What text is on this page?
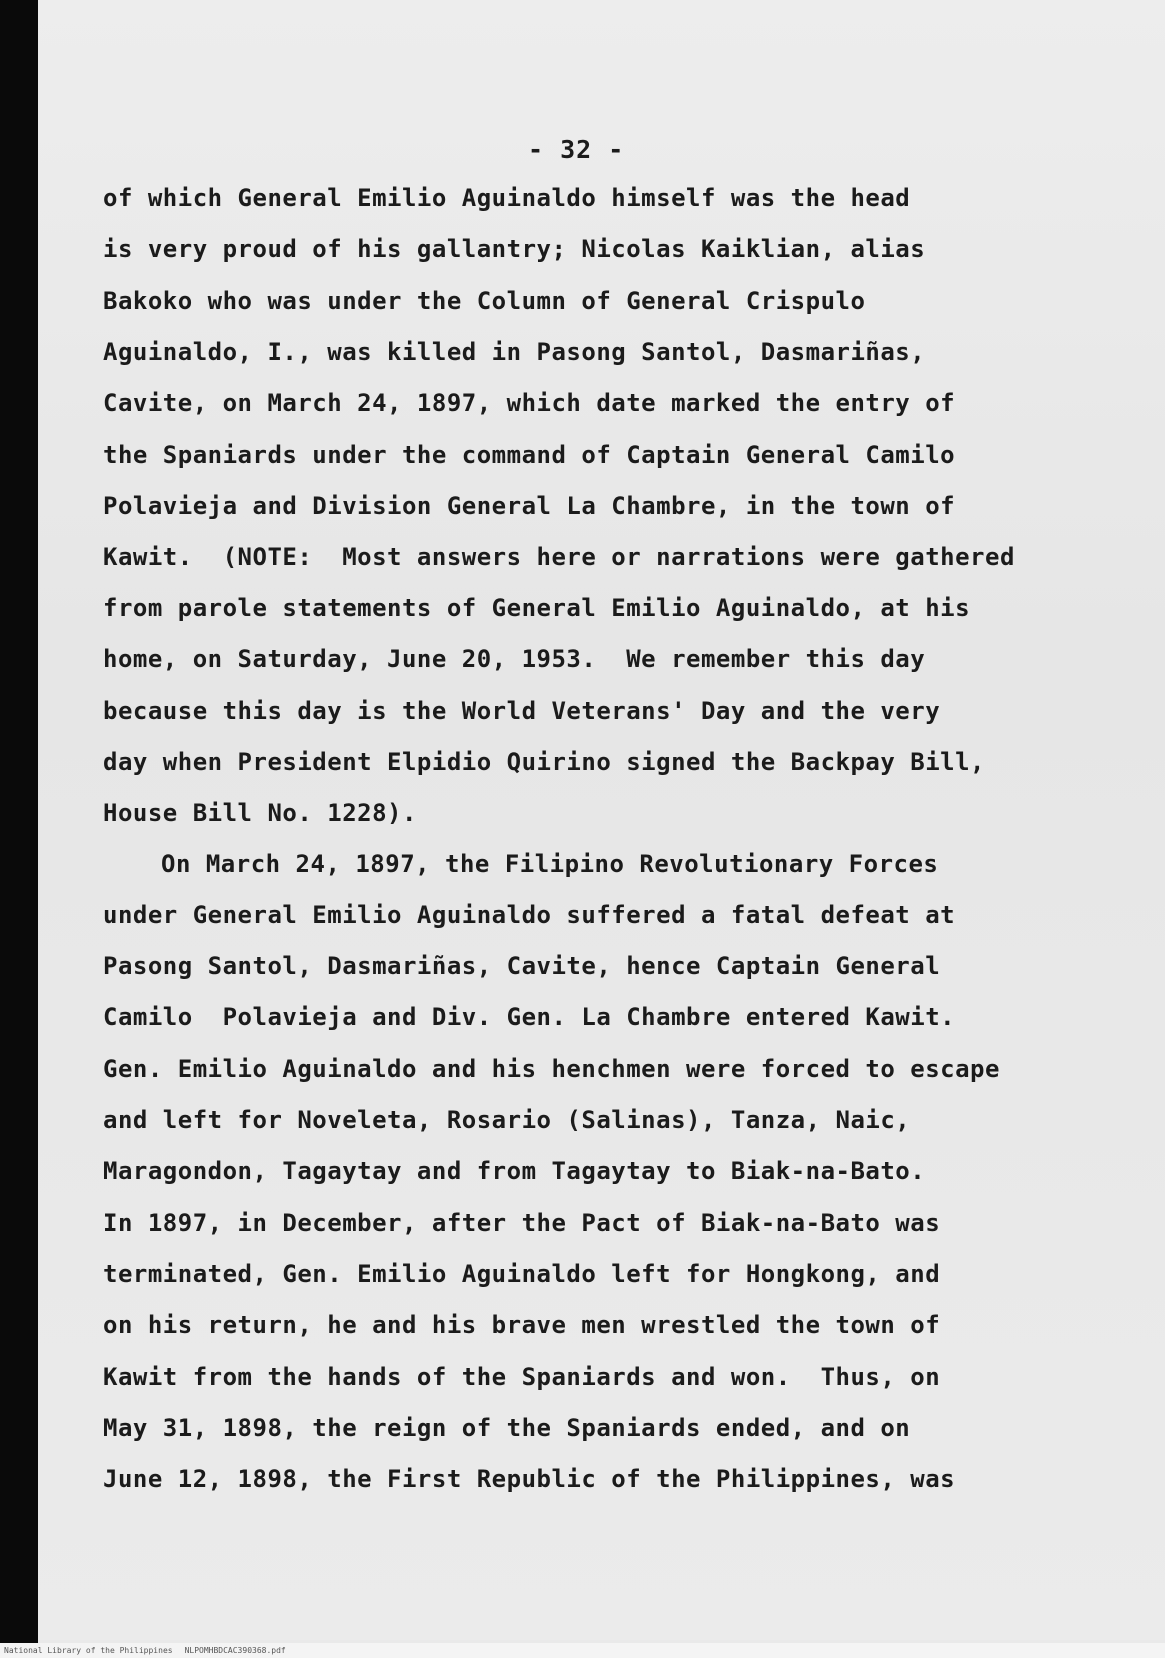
- 32 -
of which General Emilio Aguinaldo himself was the head
is very proud of his gallantry; Nicolas Kaiklian, alias
Bakoko who was under the Column of General Crispulo
Aguinaldo, I., was killed in Pasong Santol, Dasmariñas,
Cavite, on March 24, 1897, which date marked the entry of
the Spaniards under the command of Captain General Camilo
Polavieja and Division General La Chambre, in the town of
Kawit.  (NOTE:  Most answers here or narrations were gathered
from parole statements of General Emilio Aguinaldo, at his
home, on Saturday, June 20, 1953.  We remember this day
because this day is the World Veterans' Day and the very
day when President Elpidio Quirino signed the Backpay Bill,
House Bill No. 1228).
On March 24, 1897, the Filipino Revolutionary Forces
under General Emilio Aguinaldo suffered a fatal defeat at
Pasong Santol, Dasmariñas, Cavite, hence Captain General
Camilo  Polavieja and Div. Gen. La Chambre entered Kawit.
Gen. Emilio Aguinaldo and his henchmen were forced to escape
and left for Noveleta, Rosario (Salinas), Tanza, Naic,
Maragondon, Tagaytay and from Tagaytay to Biak-na-Bato.
In 1897, in December, after the Pact of Biak-na-Bato was
terminated, Gen. Emilio Aguinaldo left for Hongkong, and
on his return, he and his brave men wrestled the town of
Kawit from the hands of the Spaniards and won.  Thus, on
May 31, 1898, the reign of the Spaniards ended, and on
June 12, 1898, the First Republic of the Philippines, was
National Library of the Philippines NLPOMHBDCAC390368.pdf
